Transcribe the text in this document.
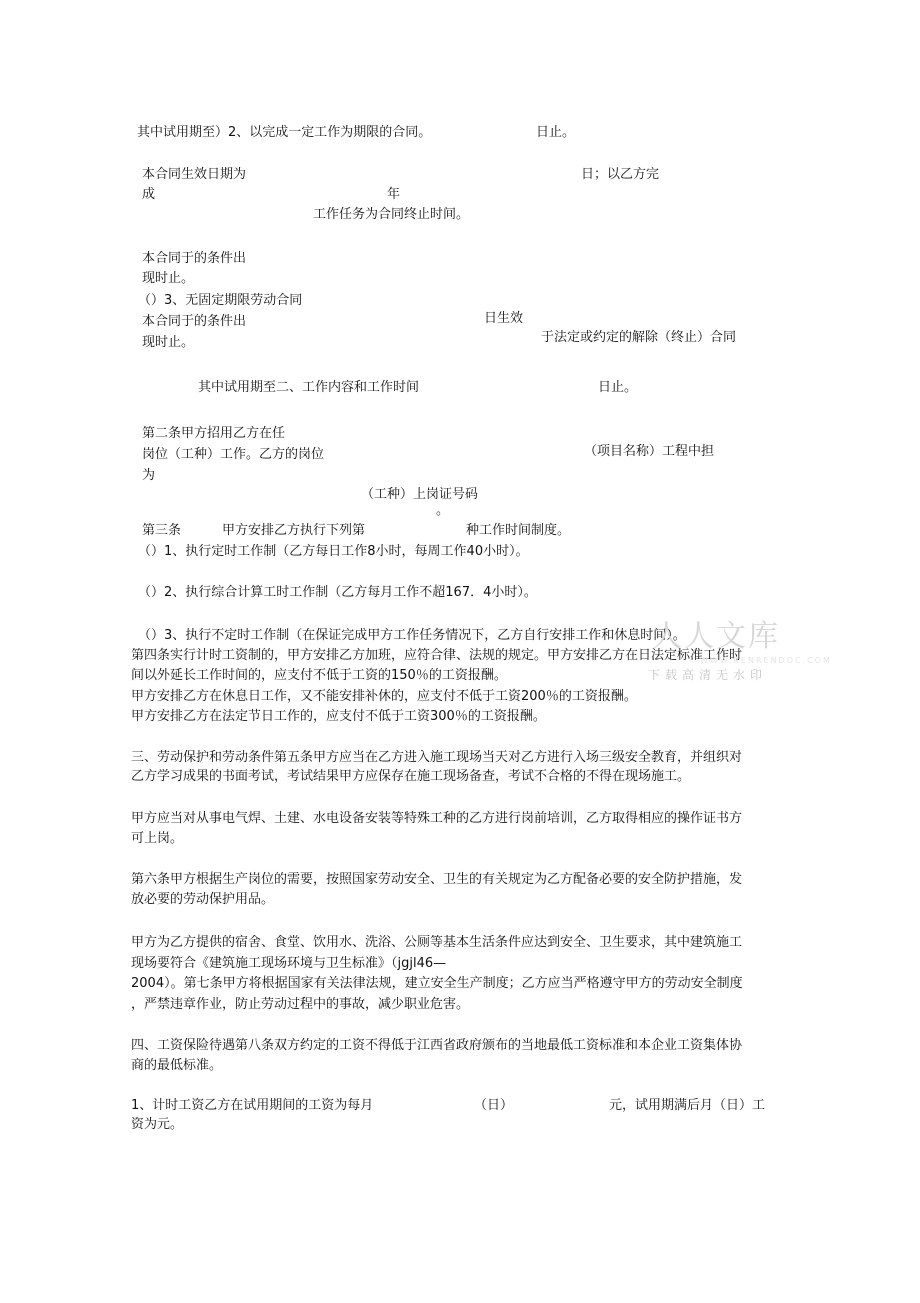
其中试用期至）2、以完成一定工作为期限的合同。	日止。
本合同生效日期为	日；以乙方完
成	年
工作任务为合同终止时间。
本合同于的条件出
现时止。
（）3、无固定期限劳动合同
本合同于的条件出	日生效
现时止。	于法定或约定的解除（终止）合同
其中试用期至二、工作内容和工作时间	日止。
第二条甲方招用乙方在任
岗位（工种）工作。乙方的岗位	（项目名称）工程中担
为
（工种）上岗证号码
。
第三条	甲方安排乙方执行下列第	种工作时间制度。
（）1、执行定时工作制（乙方每日工作8小时，每周工作40小时）。
（）2、执行综合计算工时工作制（乙方每月工作不超167．4小时）。
（）3、执行不定时工作制（在保证完成甲方工作任务情况下，乙方自行安排工作和休息时间）。
第四条实行计时工资制的，甲方安排乙方加班，应符合律、法规的规定。甲方安排乙方在日法定标准工作时
间以外延长工作时间的，应支付不低于工资的150％的工资报酬。
甲方安排乙方在休息日工作，又不能安排补休的，应支付不低于工资200％的工资报酬。
甲方安排乙方在法定节日工作的，应支付不低于工资300％的工资报酬。
三、劳动保护和劳动条件第五条甲方应当在乙方进入施工现场当天对乙方进行入场三级安全教育，并组织对
乙方学习成果的书面考试，考试结果甲方应保存在施工现场备查，考试不合格的不得在现场施工。
甲方应当对从事电气焊、土建、水电设备安装等特殊工种的乙方进行岗前培训，乙方取得相应的操作证书方
可上岗。
第六条甲方根据生产岗位的需要，按照国家劳动安全、卫生的有关规定为乙方配备必要的安全防护措施，发
放必要的劳动保护用品。
甲方为乙方提供的宿舍、食堂、饮用水、洗浴、公厕等基本生活条件应达到安全、卫生要求，其中建筑施工
现场要符合《建筑施工现场环境与卫生标准》（jgjl46—
2004）。第七条甲方将根据国家有关法律法规，建立安全生产制度；乙方应当严格遵守甲方的劳动安全制度
，严禁违章作业，防止劳动过程中的事故，减少职业危害。
四、工资保险待遇第八条双方约定的工资不得低于江西省政府颁布的当地最低工资标准和本企业工资集体协
商的最低标准。
1、计时工资乙方在试用期间的工资为每月	（日）	元，试用期满后月（日）工
资为元。
人人文库
WWW.RENRENDOC.COM
下载高清无水印
